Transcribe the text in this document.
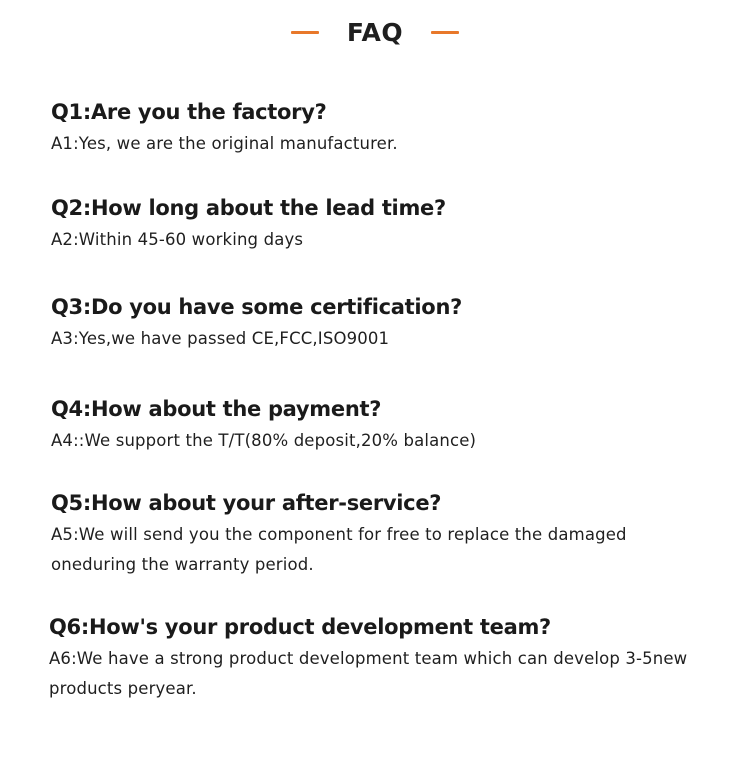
FAQ
Q1:Are you the factory?
A1:Yes, we are the original manufacturer.
Q2:How long about the lead time?
A2:Within 45-60 working days
Q3:Do you have some certification?
A3:Yes,we have passed CE,FCC,ISO9001
Q4:How about the payment?
A4::We support the T/T(80% deposit,20% balance)
Q5:How about your after-service?
A5:We will send you the component for free to replace the damaged oneduring the warranty period.
Q6:How's your product development team?
A6:We have a strong product development team which can develop 3-5new products peryear.
